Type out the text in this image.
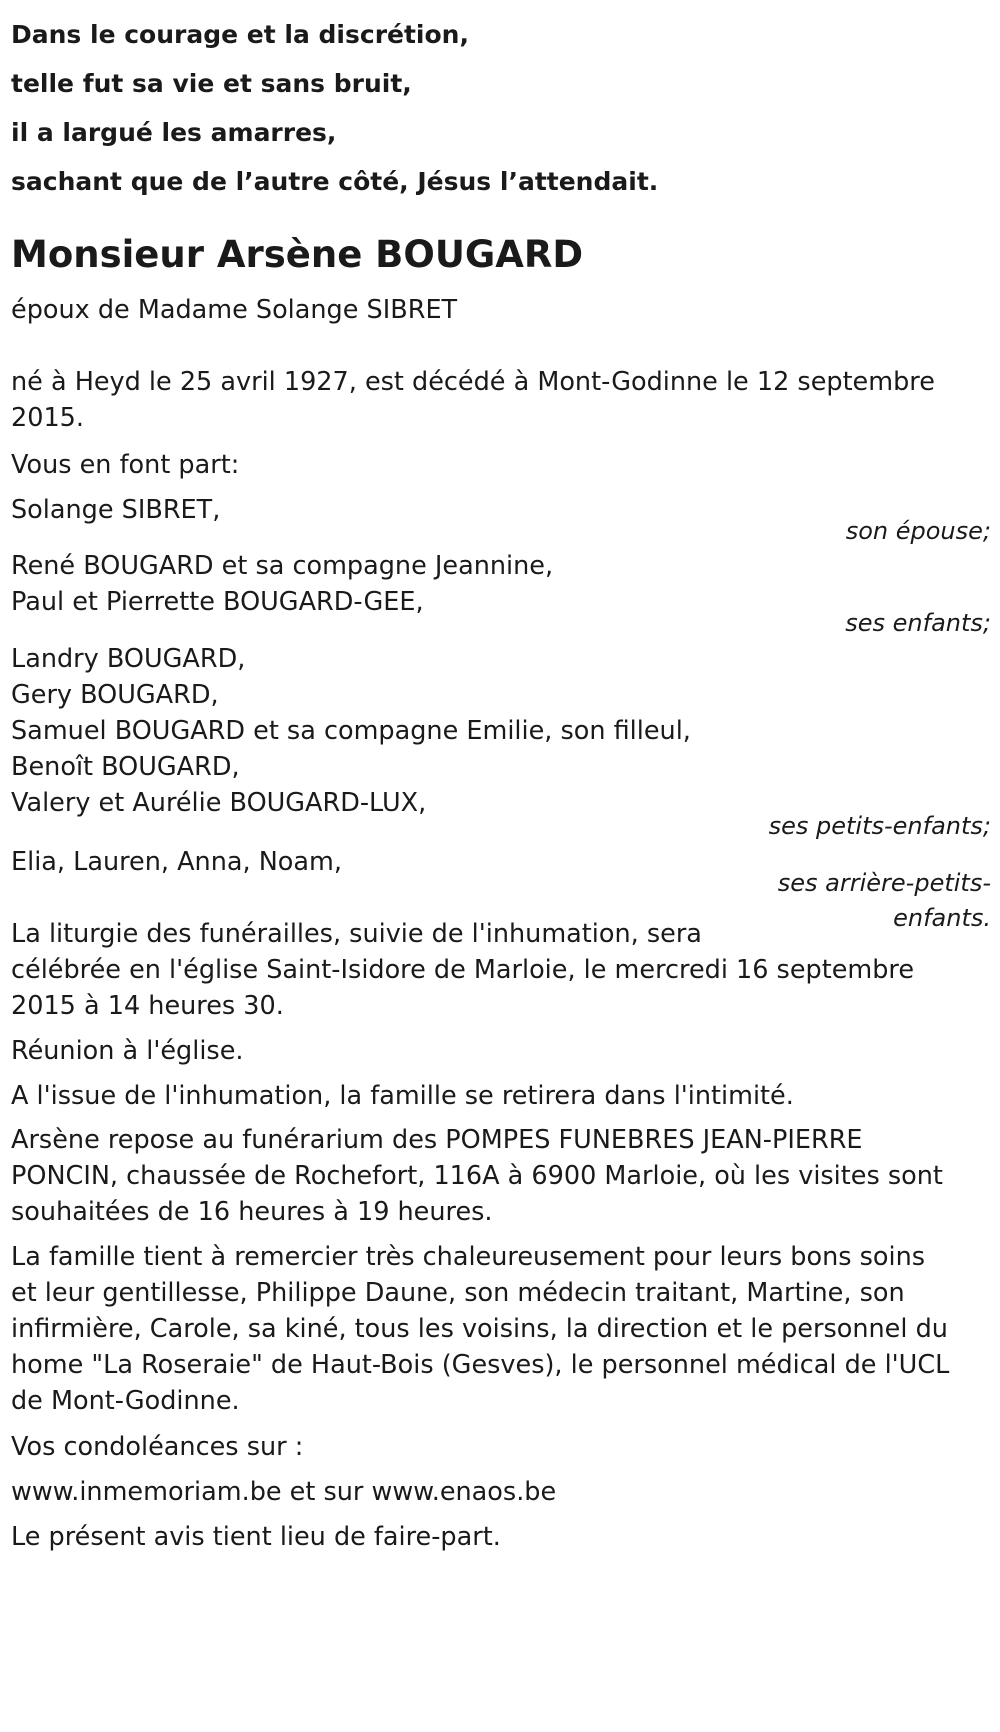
Dans le courage et la discrétion,
telle fut sa vie et sans bruit,
il a largué les amarres,
sachant que de l’autre côté, Jésus l’attendait.
Monsieur Arsène BOUGARD
époux de Madame Solange SIBRET
né à Heyd le 25 avril 1927, est décédé à Mont-Godinne le 12 septembre
2015.
Vous en font part:
Solange SIBRET,
son épouse;
René BOUGARD et sa compagne Jeannine,
Paul et Pierrette BOUGARD-GEE,
ses enfants;
Landry BOUGARD,
Gery BOUGARD,
Samuel BOUGARD et sa compagne Emilie, son filleul,
Benoît BOUGARD,
Valery et Aurélie BOUGARD-LUX,
ses petits-enfants;
Elia, Lauren, Anna, Noam,
ses arrière-petits-
enfants.
La liturgie des funérailles, suivie de l'inhumation, sera
célébrée en l'église Saint-Isidore de Marloie, le mercredi 16 septembre
2015 à 14 heures 30.
Réunion à l'église.
A l'issue de l'inhumation, la famille se retirera dans l'intimité.
Arsène repose au funérarium des POMPES FUNEBRES JEAN-PIERRE
PONCIN, chaussée de Rochefort, 116A à 6900 Marloie, où les visites sont
souhaitées de 16 heures à 19 heures.
La famille tient à remercier très chaleureusement pour leurs bons soins
et leur gentillesse, Philippe Daune, son médecin traitant, Martine, son
infirmière, Carole, sa kiné, tous les voisins, la direction et le personnel du
home "La Roseraie" de Haut-Bois (Gesves), le personnel médical de l'UCL
de Mont-Godinne.
Vos condoléances sur :
www.inmemoriam.be et sur www.enaos.be
Le présent avis tient lieu de faire-part.
